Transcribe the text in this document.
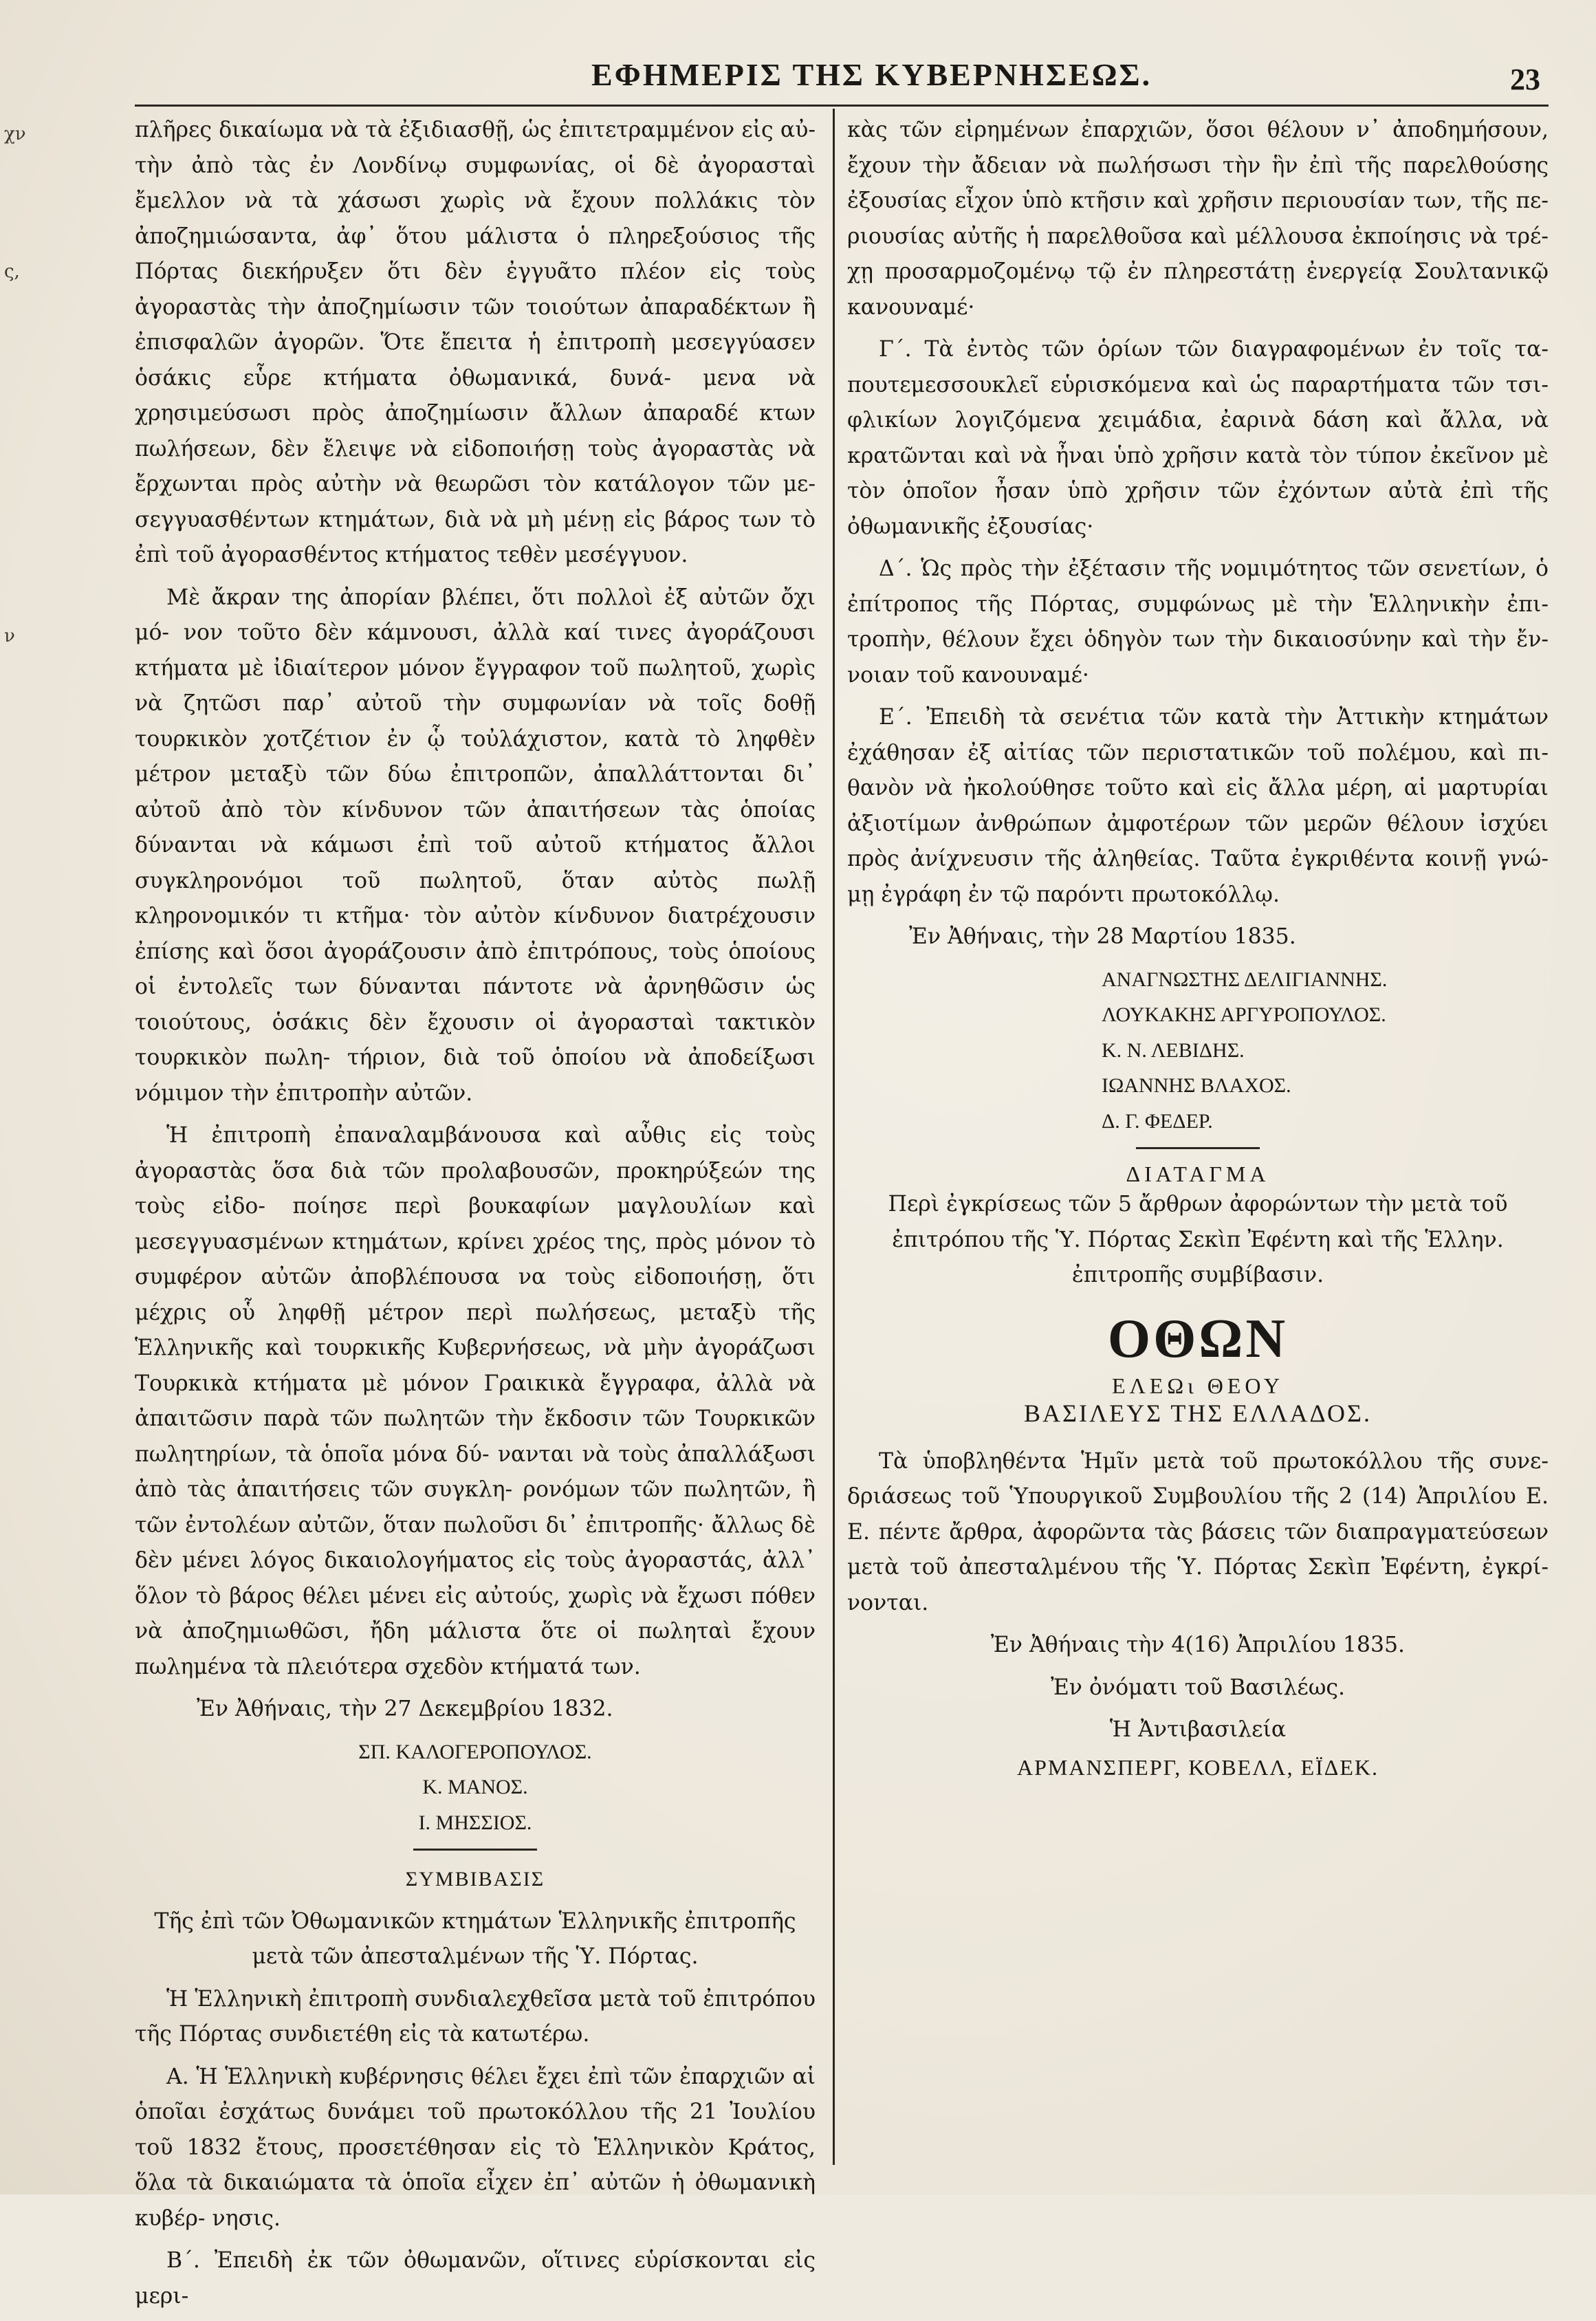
χν
ς,
ν
ΕΦΗΜΕΡΙΣ ΤΗΣ ΚΥΒΕΡΝΗΣΕΩΣ.	23

πλῆρες δικαίωμα νὰ τὰ ἐξιδιασθῇ, ὡς ἐπιτετραμμένον εἰς αὐ- τὴν ἀπὸ τὰς ἐν Λονδίνῳ συμφωνίας, οἱ δὲ ἀγορασταὶ ἔμελλον νὰ τὰ χάσωσι χωρὶς νὰ ἔχουν πολλάκις τὸν ἀποζημιώσαντα, ἀφ᾽ ὅτου μάλιστα ὁ πληρεξούσιος τῆς Πόρτας διεκήρυξεν ὅτι δὲν ἐγγυᾶτο πλέον εἰς τοὺς ἀγοραστὰς τὴν ἀποζημίωσιν τῶν τοιούτων ἀπαραδέκτων ἢ ἐπισφαλῶν ἀγορῶν. Ὅτε ἔπειτα ἡ ἐπιτροπὴ μεσεγγύασεν ὁσάκις εὗρε κτήματα ὀθωμανικά, δυνά- μενα νὰ χρησιμεύσωσι πρὸς ἀποζημίωσιν ἄλλων ἀπαραδέ κτων πωλήσεων, δὲν ἔλειψε νὰ εἰδοποιήσῃ τοὺς ἀγοραστὰς νὰ ἔρχωνται πρὸς αὐτὴν νὰ θεωρῶσι τὸν κατάλογον τῶν με- σεγγυασθέντων κτημάτων, διὰ νὰ μὴ μένῃ εἰς βάρος των τὸ ἐπὶ τοῦ ἀγορασθέντος κτήματος τεθὲν μεσέγγυον.

Μὲ ἄκραν της ἀπορίαν βλέπει, ὅτι πολλοὶ ἐξ αὐτῶν ὄχι μό- νον τοῦτο δὲν κάμνουσι, ἀλλὰ καί τινες ἀγοράζουσι κτήματα μὲ ἰδιαίτερον μόνον ἔγγραφον τοῦ πωλητοῦ, χωρὶς νὰ ζητῶσι παρ᾽ αὐτοῦ τὴν συμφωνίαν νὰ τοῖς δοθῇ τουρκικὸν χοτζέτιον ἐν ᾧ τοὐλάχιστον, κατὰ τὸ ληφθὲν μέτρον μεταξὺ τῶν δύω ἐπιτροπῶν, ἀπαλλάττονται δι᾽ αὐτοῦ ἀπὸ τὸν κίνδυνον τῶν ἀπαιτήσεων τὰς ὁποίας δύνανται νὰ κάμωσι ἐπὶ τοῦ αὐτοῦ κτήματος ἄλλοι συγκληρονόμοι τοῦ πωλητοῦ, ὅταν αὐτὸς πωλῇ κληρονομικόν τι κτῆμα· τὸν αὐτὸν κίνδυνον διατρέχουσιν ἐπίσης καὶ ὅσοι ἀγοράζουσιν ἀπὸ ἐπιτρόπους, τοὺς ὁποίους οἱ ἐντολεῖς των δύνανται πάντοτε νὰ ἀρνηθῶσιν ὡς τοιούτους, ὁσάκις δὲν ἔχουσιν οἱ ἀγορασταὶ τακτικὸν τουρκικὸν πωλη- τήριον, διὰ τοῦ ὁποίου νὰ ἀποδείξωσι νόμιμον τὴν ἐπιτροπὴν αὐτῶν.

Ἡ ἐπιτροπὴ ἐπαναλαμβάνουσα καὶ αὖθις εἰς τοὺς ἀγοραστὰς ὅσα διὰ τῶν προλαβουσῶν, προκηρύξεών της τοὺς εἰδο- ποίησε περὶ βουκαφίων μαγλουλίων καὶ μεσεγγυασμένων κτημάτων, κρίνει χρέος της, πρὸς μόνον τὸ συμφέρον αὐτῶν ἀποβλέπουσα να τοὺς εἰδοποιήσῃ, ὅτι μέχρις οὗ ληφθῇ μέτρον περὶ πωλήσεως, μεταξὺ τῆς Ἑλληνικῆς καὶ τουρκικῆς Κυβερνήσεως, νὰ μὴν ἀγοράζωσι Τουρκικὰ κτήματα μὲ μόνον Γραικικὰ ἔγγραφα, ἀλλὰ νὰ ἀπαιτῶσιν παρὰ τῶν πωλητῶν τὴν ἔκδοσιν τῶν Τουρκικῶν πωλητηρίων, τὰ ὁποῖα μόνα δύ- νανται νὰ τοὺς ἀπαλλάξωσι ἀπὸ τὰς ἀπαιτήσεις τῶν συγκλη- ρονόμων τῶν πωλητῶν, ἢ τῶν ἐντολέων αὐτῶν, ὅταν πωλοῦσι δι᾽ ἐπιτροπῆς· ἄλλως δὲ δὲν μένει λόγος δικαιολογήματος εἰς τοὺς ἀγοραστάς, ἀλλ᾽ ὅλον τὸ βάρος θέλει μένει εἰς αὐτούς, χωρὶς νὰ ἔχωσι πόθεν νὰ ἀποζημιωθῶσι, ἤδη μάλιστα ὅτε οἱ πωληταὶ ἔχουν πωλημένα τὰ πλειότερα σχεδὸν κτήματά των.

Ἐν Ἀθήναις, τὴν 27 Δεκεμβρίου 1832.

ΣΠ. ΚΑΛΟΓΕΡΟΠΟΥΛΟΣ.
Κ. ΜΑΝΟΣ.
Ι. ΜΗΣΣΙΟΣ.

ΣΥΜΒΙΒΑΣΙΣ

Τῆς ἐπὶ τῶν Ὀθωμανικῶν κτημάτων Ἑλληνικῆς ἐπιτροπῆς μετὰ τῶν ἀπεσταλμένων τῆς Ὑ. Πόρτας.

Ἡ Ἑλληνικὴ ἐπιτροπὴ συνδιαλεχθεῖσα μετὰ τοῦ ἐπιτρόπου τῆς Πόρτας συνδιετέθη εἰς τὰ κατωτέρω.

Α. Ἡ Ἑλληνικὴ κυβέρνησις θέλει ἔχει ἐπὶ τῶν ἐπαρχιῶν αἱ ὁποῖαι ἐσχάτως δυνάμει τοῦ πρωτοκόλλου τῆς 21 Ἰουλίου τοῦ 1832 ἔτους, προσετέθησαν εἰς τὸ Ἑλληνικὸν Κράτος, ὅλα τὰ δικαιώματα τὰ ὁποῖα εἶχεν ἐπ᾽ αὐτῶν ἡ ὀθωμανικὴ κυβέρ- νησις.

Β΄. Ἐπειδὴ ἐκ τῶν ὀθωμανῶν, οἵτινες εὑρίσκονται εἰς μερι-

κὰς τῶν εἰρημένων ἐπαρχιῶν, ὅσοι θέλουν ν᾽ ἀποδημήσουν, ἔχουν τὴν ἄδειαν νὰ πωλήσωσι τὴν ἣν ἐπὶ τῆς παρελθούσης ἐξουσίας εἶχον ὑπὸ κτῆσιν καὶ χρῆσιν περιουσίαν των, τῆς πε- ριουσίας αὐτῆς ἡ παρελθοῦσα καὶ μέλλουσα ἐκποίησις νὰ τρέ- χῃ προσαρμοζομένῳ τῷ ἐν πληρεστάτῃ ἐνεργείᾳ Σουλτανικῷ κανουναμέ·

Γ΄. Τὰ ἐντὸς τῶν ὁρίων τῶν διαγραφομένων ἐν τοῖς τα- πουτεμεσσουκλεῖ εὑρισκόμενα καὶ ὡς παραρτήματα τῶν τσι- φλικίων λογιζόμενα χειμάδια, ἐαρινὰ δάση καὶ ἄλλα, νὰ κρατῶνται καὶ νὰ ἦναι ὑπὸ χρῆσιν κατὰ τὸν τύπον ἐκεῖνον μὲ τὸν ὁποῖον ἦσαν ὑπὸ χρῆσιν τῶν ἐχόντων αὐτὰ ἐπὶ τῆς ὀθωμανικῆς ἐξουσίας·

Δ΄. Ὡς πρὸς τὴν ἐξέτασιν τῆς νομιμότητος τῶν σενετίων, ὁ ἐπίτροπος τῆς Πόρτας, συμφώνως μὲ τὴν Ἑλληνικὴν ἐπι- τροπὴν, θέλουν ἔχει ὁδηγὸν των τὴν δικαιοσύνην καὶ τὴν ἔν- νοιαν τοῦ κανουναμέ·

Ε΄. Ἐπειδὴ τὰ σενέτια τῶν κατὰ τὴν Ἀττικὴν κτημάτων ἐχάθησαν ἐξ αἰτίας τῶν περιστατικῶν τοῦ πολέμου, καὶ πι- θανὸν νὰ ἠκολούθησε τοῦτο καὶ εἰς ἄλλα μέρη, αἱ μαρτυρίαι ἀξιοτίμων ἀνθρώπων ἀμφοτέρων τῶν μερῶν θέλουν ἰσχύει πρὸς ἀνίχνευσιν τῆς ἀληθείας. Ταῦτα ἐγκριθέντα κοινῇ γνώ- μῃ ἐγράφη ἐν τῷ παρόντι πρωτοκόλλῳ.

Ἐν Ἀθήναις, τὴν 28 Μαρτίου 1835.

ΑΝΑΓΝΩΣΤΗΣ ΔΕΛΙΓΙΑΝΝΗΣ.
ΛΟΥΚΑΚΗΣ ΑΡΓΥΡΟΠΟΥΛΟΣ.
Κ. Ν. ΛΕΒΙΔΗΣ.
ΙΩΑΝΝΗΣ ΒΛΑΧΟΣ.
Δ. Γ. ΦΕΔΕΡ.
ΔΙΑΤΑΓΜΑ

Περὶ ἐγκρίσεως τῶν 5 ἄρθρων ἀφορώντων τὴν μετὰ τοῦ ἐπιτρόπου τῆς Ὑ. Πόρτας Σεκὶπ Ἐφέντη καὶ τῆς Ἑλλην. ἐπιτροπῆς συμβίβασιν.

ΟΘΩΝ
ΕΛΕΩι ΘΕΟΥ
ΒΑΣΙΛΕΥΣ ΤΗΣ ΕΛΛΑΔΟΣ.

Τὰ ὑποβληθέντα Ἡμῖν μετὰ τοῦ πρωτοκόλλου τῆς συνε- δριάσεως τοῦ Ὑπουργικοῦ Συμβουλίου τῆς 2 (14) Ἀπριλίου Ε. Ε. πέντε ἄρθρα, ἀφορῶντα τὰς βάσεις τῶν διαπραγματεύσεων μετὰ τοῦ ἀπεσταλμένου τῆς Ὑ. Πόρτας Σεκὶπ Ἐφέντη, ἐγκρί- νονται.

Ἐν Ἀθήναις τὴν 4(16) Ἀπριλίου 1835.

Ἐν ὀνόματι τοῦ Βασιλέως.

Ἡ Ἀντιβασιλεία

ΑΡΜΑΝΣΠΕΡΓ, ΚΟΒΕΛΛ, ΕΪΔΕΚ.
